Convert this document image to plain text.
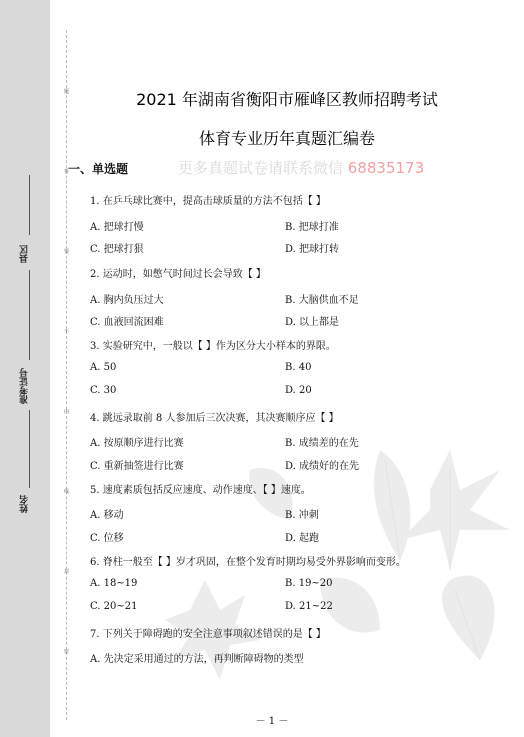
县区
准考证号
姓名
题
答
要
不
内
线
封
密
2021 年湖南省衡阳市雁峰区教师招聘考试
体育专业历年真题汇编卷
一、单选题	更多真题试卷请联系微信 68835173
1. 在乒乓球比赛中，提高击球质量的方法不包括【 】
A. 把球打慢	B. 把球打准
C. 把球打狠	D. 把球打转
2. 运动时，如憋气时间过长会导致【 】
A. 胸内负压过大	B. 大脑供血不足
C. 血液回流困难	D. 以上都是
3. 实验研究中，一般以【 】作为区分大小样本的界限。
A. 50	B. 40
C. 30	D. 20
4. 跳远录取前 8 人参加后三次决赛，其决赛顺序应【 】
A. 按原顺序进行比赛	B. 成绩差的在先
C. 重新抽签进行比赛	D. 成绩好的在先
5. 速度素质包括反应速度、动作速度、【 】速度。
A. 移动	B. 冲刺
C. 位移	D. 起跑
6. 脊柱一般至【 】岁才巩固，在整个发育时期均易受外界影响而变形。
A. 18~19	B. 19~20
C. 20~21	D. 21~22
7. 下列关于障碍跑的安全注意事项叙述错误的是【 】
A. 先决定采用通过的方法，再判断障碍物的类型
－ 1 －
